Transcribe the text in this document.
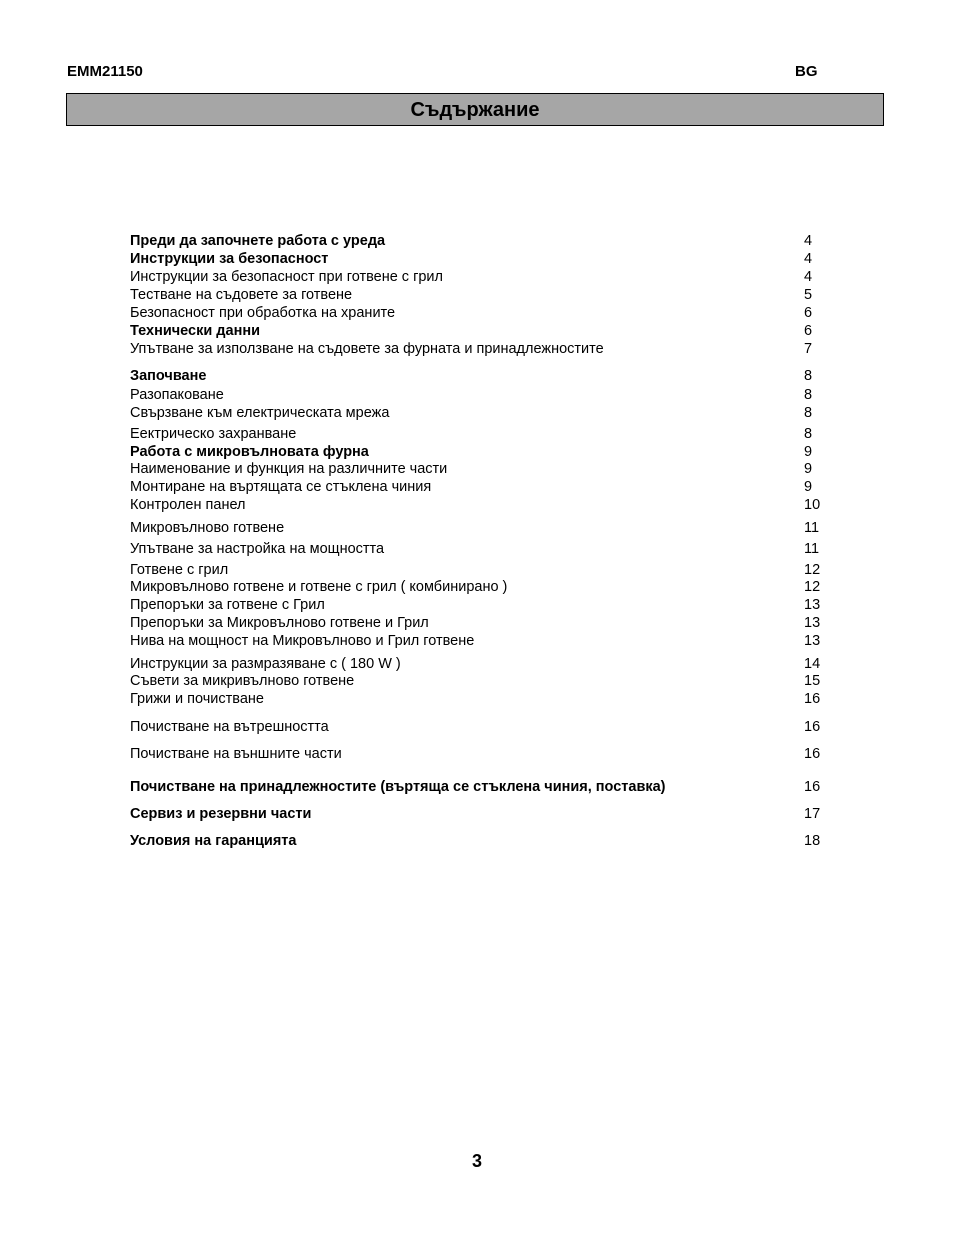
EMM21150	BG
Съдържание
Преди да започнете работа с уреда	4
Инструкции за безопасност	4
Инструкции за безопасност при готвене с грил	4
Тестване на съдовете за готвене	5
Безопасност при обработка на храните	6
Технически данни	6
Упътване за използване на съдовете за фурната и принадлежностите	7
Започване	8
Разопаковане	8
Свързване към електрическата мрежа	8
Еектрическо захранване	8
Работа с микровълновата фурна	9
Наименование и функция на различните части	9
Монтиране на въртящата се стъклена чиния	9
Контролен панел	10
Микровълново готвене	11
Упътване за настройка на мощността	11
Готвене с грил	12
Микровълново готвене и готвене с грил ( комбинирано )	12
Препоръки за готвене с Грил	13
Препоръки за Микровълново готвене и Грил	13
Нива на мощност на Микровълново и Грил готвене	13
Инструкции за размразяване с ( 180 W )	14
Съвети за микривълново готвене	15
Грижи и почистване	16
Почистване на вътрешността	16
Почистване на външните части	16
Почистване на принадлежностите (въртяща се стъклена чиния, поставка)	16
Сервиз и резервни части	17
Условия на гаранцията	18
3
